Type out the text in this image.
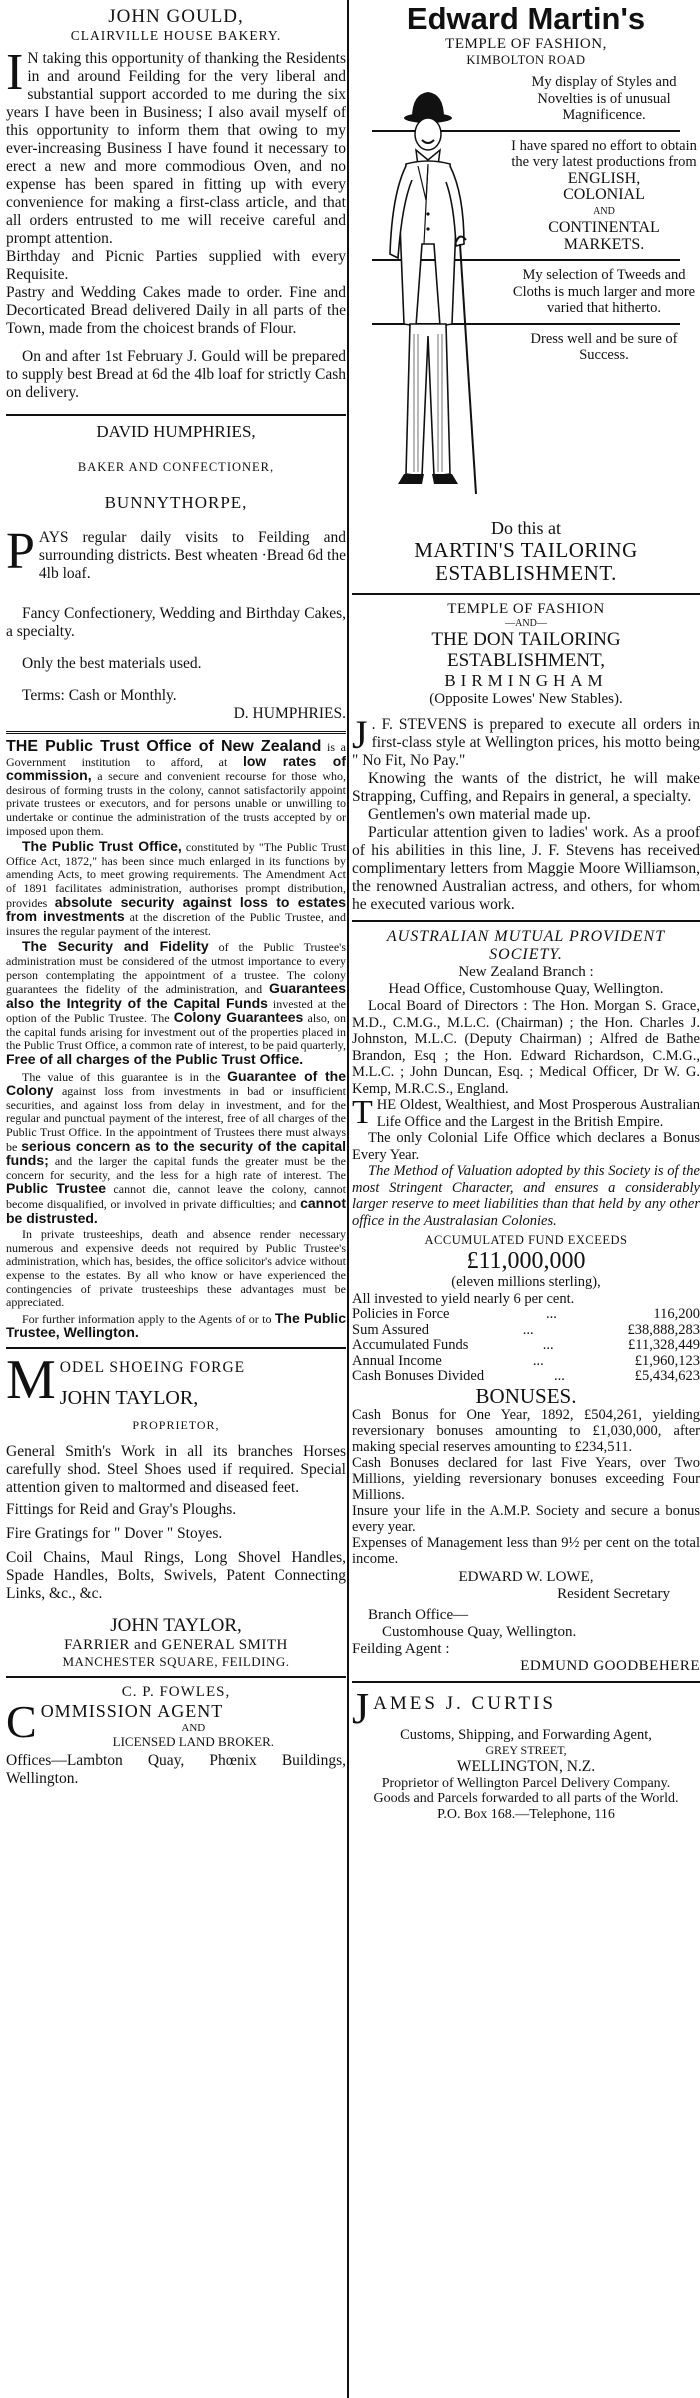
JOHN GOULD,

CLAIRVILLE HOUSE BAKERY.

I N taking this opportunity of thanking the Residents in and around Feilding for the very liberal and substantial support accorded to me during the six years I have been in Business; I also avail myself of this opportunity to inform them that owing to my ever-increasing Business I have found it necessary to erect a new and more commodious Oven, and no expense has been spared in fitting up with every convenience for making a first-class article, and that all orders entrusted to me will receive careful and prompt attention.

Birthday and Picnic Parties supplied with every Requisite.

Pastry and Wedding Cakes made to order. Fine and Decorticated Bread delivered Daily in all parts of the Town, made from the choicest brands of Flour.

On and after 1st February J. Gould will be prepared to supply best Bread at 6d the 4lb loaf for strictly Cash on delivery.

DAVID HUMPHRIES,

BAKER AND CONFECTIONER,

BUNNYTHORPE,

PAYS regular daily visits to Feilding and surrounding districts. Best wheaten ·Bread 6d the 4lb loaf.

Fancy Confectionery, Wedding and Birthday Cakes, a specialty.

Only the best materials used.

Terms: Cash or Monthly.

D. HUMPHRIES.

THE Public Trust Office of New Zealand is a Government institution to afford, at low rates of commission, a secure and convenient recourse for those who, desirous of forming trusts in the colony, cannot satisfactorily appoint private trustees or executors, and for persons unable or unwilling to undertake or continue the administration of the trusts accepted by or imposed upon them.

The Public Trust Office, constituted by "The Public Trust Office Act, 1872," has been since much enlarged in its functions by amending Acts, to meet growing requirements. The Amendment Act of 1891 facilitates administration, authorises prompt distribution, provides absolute security against loss to estates from investments at the discretion of the Public Trustee, and insures the regular payment of the interest.

The Security and Fidelity of the Public Trustee's administration must be considered of the utmost importance to every person contemplating the appointment of a trustee. The colony guarantees the fidelity of the administration, and Guarantees also the Integrity of the Capital Funds invested at the option of the Public Trustee. The Colony Guarantees also, on the capital funds arising for investment out of the properties placed in the Public Trust Office, a common rate of interest, to be paid quarterly, Free of all charges of the Public Trust Office.

The value of this guarantee is in the Guarantee of the Colony against loss from investments in bad or insufficient securities, and against loss from delay in investment, and for the regular and punctual payment of the interest, free of all charges of the Public Trust Office. In the appointment of Trustees there must always be serious concern as to the security of the capital funds; and the larger the capital funds the greater must be the concern for security, and the less for a high rate of interest. The Public Trustee cannot die, cannot leave the colony, cannot become disqualified, or involved in private difficulties; and cannot be distrusted.

In private trusteeships, death and absence render necessary numerous and expensive deeds not required by Public Trustee's administration, which has, besides, the office solicitor's advice without expense to the estates. By all who know or have experienced the contingencies of private trusteeships these advantages must be appreciated.

For further information apply to the Agents of or to The Public Trustee, Wellington.

M ODEL SHOEING FORGE

JOHN TAYLOR,

PROPRIETOR,

General Smith's Work in all its branches Horses carefully shod. Steel Shoes used if required. Special attention given to maltormed and diseased feet.

Fittings for Reid and Gray's Ploughs.

Fire Gratings for " Dover " Stoyes.

Coil Chains, Maul Rings, Long Shovel Handles, Spade Handles, Bolts, Swivels, Patent Connecting Links, &c., &c.

JOHN TAYLOR,

FARRIER and GENERAL SMITH

MANCHESTER SQUARE, FEILDING.

C. P. FOWLES,

C OMMISSION AGENT

AND

LICENSED LAND BROKER.

Offices—Lambton Quay, Phœnix Buildings, Wellington.

Edward Martin's

TEMPLE OF FASHION,

KIMBOLTON ROAD

My display of Styles and Novelties is of unusual Magnificence.

I have spared no effort to obtain the very latest productions from

ENGLISH,

COLONIAL

AND

CONTINENTAL MARKETS.

My selection of Tweeds and Cloths is much larger and more varied that hitherto.

Dress well and be sure of Success.

Do this at

MARTIN'S TAILORING ESTABLISHMENT.

TEMPLE OF FASHION

—AND—

THE DON TAILORING ESTABLISHMENT,

BIRMINGHAM

(Opposite Lowes' New Stables).

J . F. STEVENS is prepared to execute all orders in first-class style at Wellington prices, his motto being " No Fit, No Pay."

Knowing the wants of the district, he will make Strapping, Cuffing, and Repairs in general, a specialty.

Gentlemen's own material made up.

Particular attention given to ladies' work. As a proof of his abilities in this line, J. F. Stevens has received complimentary letters from Maggie Moore Williamson, the renowned Australian actress, and others, for whom he executed various work.

AUSTRALIAN MUTUAL PROVIDENT SOCIETY.

New Zealand Branch :

Head Office, Customhouse Quay, Wellington.

Local Board of Directors : The Hon. Morgan S. Grace, M.D., C.M.G., M.L.C. (Chairman) ; the Hon. Charles J. Johnston, M.L.C. (Deputy Chairman) ; Alfred de Bathe Brandon, Esq ; the Hon. Edward Richardson, C.M.G., M.L.C. ; John Duncan, Esq. ; Medical Officer, Dr W. G. Kemp, M.R.C.S., England.

THE Oldest, Wealthiest, and Most Prosperous Australian Life Office and the Largest in the British Empire.

The only Colonial Life Office which declares a Bonus Every Year.

The Method of Valuation adopted by this Society is of the most Stringent Character, and ensures a considerably larger reserve to meet liabilities than that held by any other office in the Australasian Colonies.

ACCUMULATED FUND EXCEEDS

£11,000,000

(eleven millions sterling),

All invested to yield nearly 6 per cent.

Policies in Force	...	116,200
Sum Assured	...	£38,888,283
Accumulated Funds	...	£11,328,449
Annual Income	...	£1,960,123
Cash Bonuses Divided	...	£5,434,623

BONUSES.

Cash Bonus for One Year, 1892, £504,261, yielding reversionary bonuses amounting to £1,030,000, after making special reserves amounting to £234,511.

Cash Bonuses declared for last Five Years, over Two Millions, yielding reversionary bonuses exceeding Four Millions.

Insure your life in the A.M.P. Society and secure a bonus every year.

Expenses of Management less than 9½ per cent on the total income.

EDWARD W. LOWE,

Resident Secretary

Branch Office—

Customhouse Quay, Wellington.

Feilding Agent :

EDMUND GOODBEHERE

J AMES J. CURTIS

Customs, Shipping, and Forwarding Agent,

GREY STREET,

WELLINGTON, N.Z.

Proprietor of Wellington Parcel Delivery Company.

Goods and Parcels forwarded to all parts of the World.

P.O. Box 168.—Telephone, 116
